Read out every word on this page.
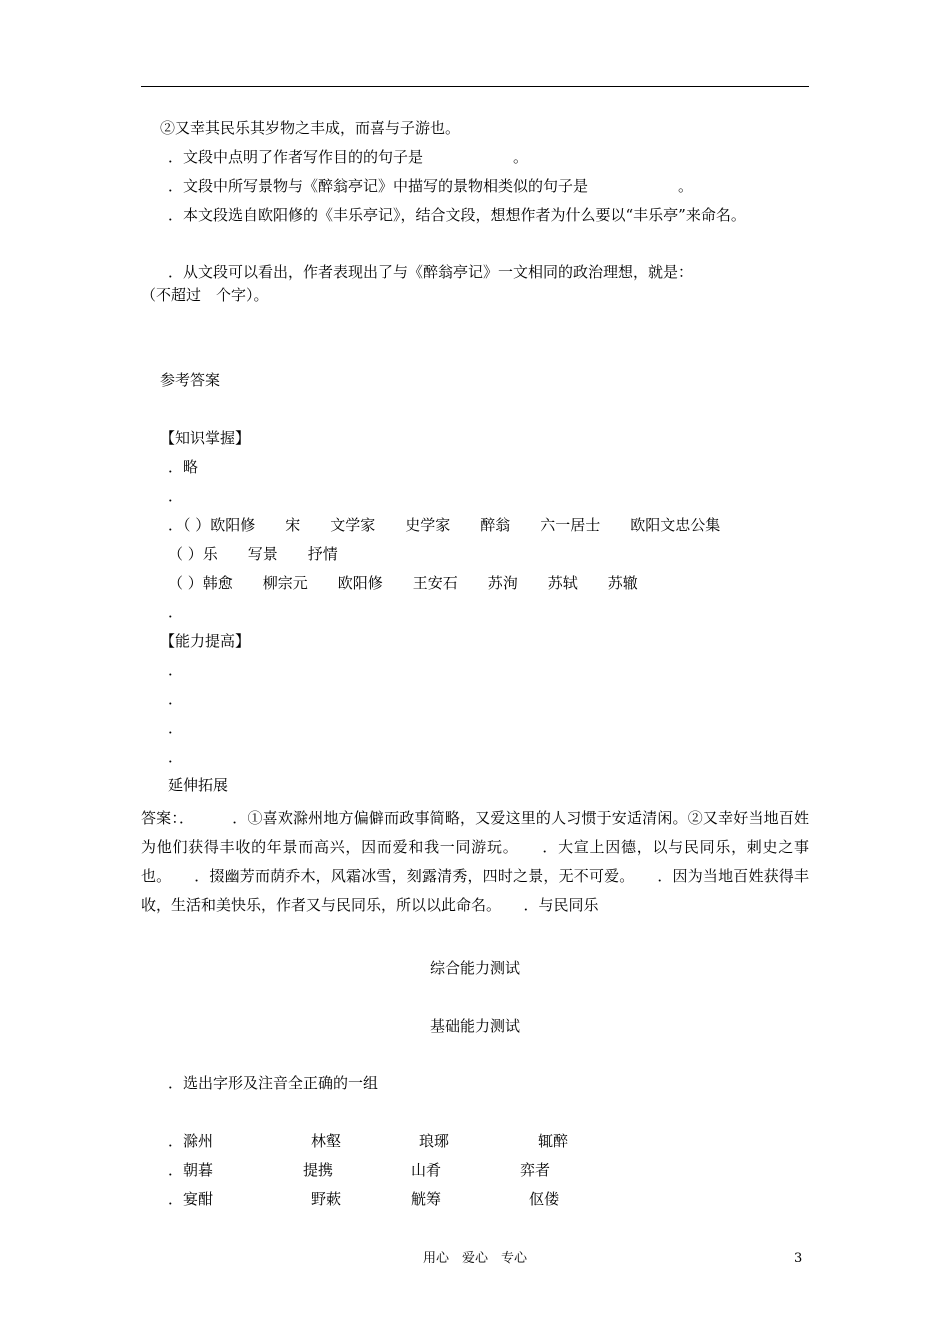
②又幸其民乐其岁物之丰成，而喜与子游也。
．文段中点明了作者写作目的的句子是　　　　　　。
．文段中所写景物与《醉翁亭记》中描写的景物相类似的句子是　　　　　　。
．本文段选自欧阳修的《丰乐亭记》，结合文段，想想作者为什么要以“丰乐亭”来命名。
．从文段可以看出，作者表现出了与《醉翁亭记》一文相同的政治理想，就是：
（不超过　个字）。
参考答案
【知识掌握】
．略
．
．（ ）欧阳修　　宋　　文学家　　史学家　　醉翁　　六一居士　　欧阳文忠公集
（ ）乐　　写景　　抒情
（ ）韩愈　　柳宗元　　欧阳修　　王安石　　苏洵　　苏轼　　苏辙
．
【能力提高】
．
．
．
．
延伸拓展
答案：．　　　．①喜欢滁州地方偏僻而政事简略，又爱这里的人习惯于安适清闲。②又幸好当地百姓为他们获得丰收的年景而高兴，因而爱和我一同游玩。　　．大宣上因德，以与民同乐，刺史之事也。　　．掇幽芳而荫乔木，风霜冰雪，刻露清秀，四时之景，无不可爱。　　．因为当地百姓获得丰收，生活和美快乐，作者又与民同乐，所以以此命名。　　．与民同乐
综合能力测试
基础能力测试
．选出字形及注音全正确的一组
．滁州	林壑	琅琊	辄醉
．朝暮	提携	山肴	弈者
．宴酣	野蔌	觥筹	伛偻
用心　爱心　专心	3
